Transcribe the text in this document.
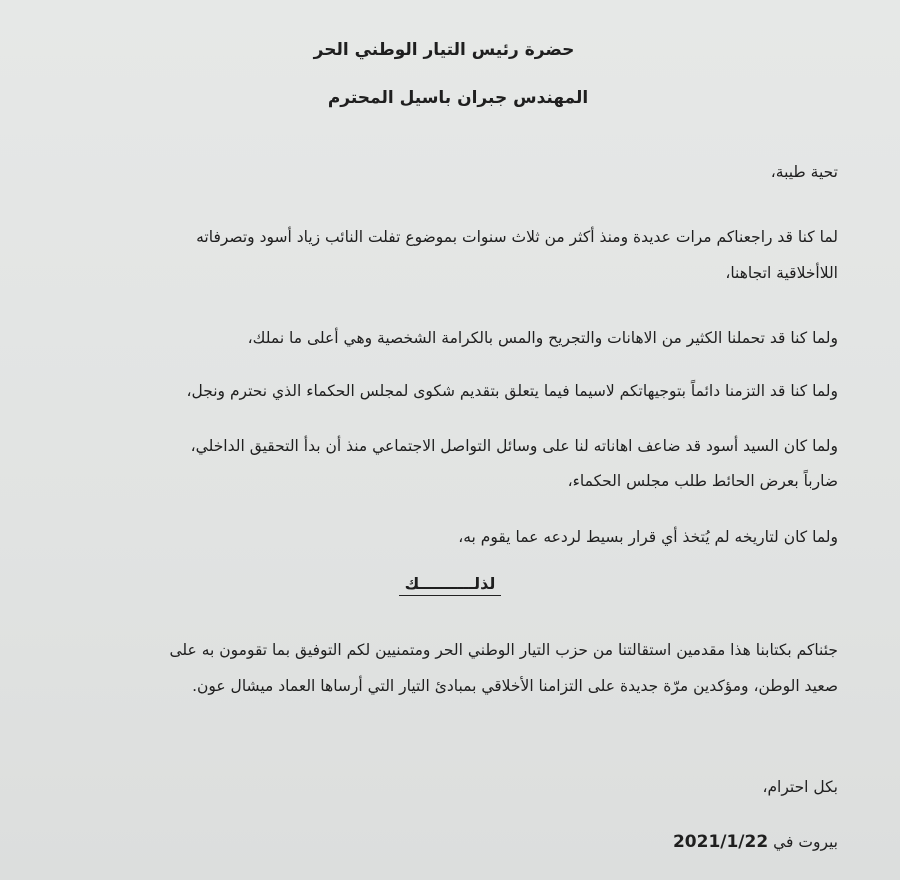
حضرة رئيس التيار الوطني الحر
المهندس جبران باسيل المحترم
تحية طيبة،
لما كنا قد راجعناكم مرات عديدة ومنذ أكثر من ثلاث سنوات بموضوع تفلت النائب زياد أسود وتصرفاته
اللاأخلاقية اتجاهنا،
ولما كنا قد تحملنا الكثير من الاهانات والتجريح والمس بالكرامة الشخصية وهي أعلى ما نملك،
ولما كنا قد التزمنا دائماً بتوجيهاتكم لاسيما فيما يتعلق بتقديم شكوى لمجلس الحكماء الذي نحترم ونجل،
ولما كان السيد أسود قد ضاعف اهاناته لنا على وسائل التواصل الاجتماعي منذ أن بدأ التحقيق الداخلي،
ضارباً بعرض الحائط طلب مجلس الحكماء،
ولما كان لتاريخه لم يُتخذ أي قرار بسيط لردعه عما يقوم به،
لذلــــــــــك
جئناكم بكتابنا هذا مقدمين استقالتنا من حزب التيار الوطني الحر ومتمنيين لكم التوفيق بما تقومون به على
صعيد الوطن، ومؤكدين مرّة جديدة على التزامنا الأخلاقي بمبادئ التيار التي أرساها العماد ميشال عون.
بكل احترام،
بيروت في 2021/1/22
